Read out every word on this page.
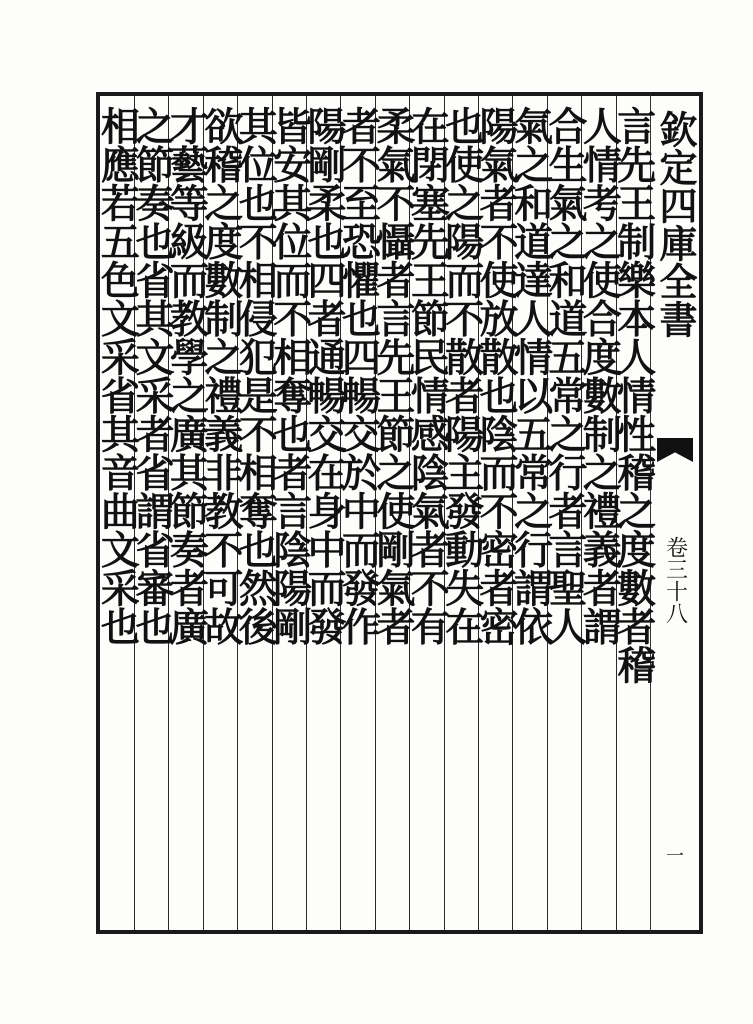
言先王制樂本人情性稽之度數者稽
人情考之使合度數制之禮義者謂
合生氣之和道五常之行者言聖人
氣之和道達人情以五常之行謂依
陽氣者不使放散也陰而不密者密
也使之陽而不散者陽主發動失在
在閉塞先王節民情感陰氣者不有
柔氣不懾者言先王節之使剛氣者
者不至恐懼也四暢交於中而發作
陽剛柔也四者通暢交在身中而發
皆安其位而不相奪也者言陰陽剛
其位也不相侵犯是不相奪也然後
欲稽之度數制之禮義非教不可故
才藝等級而教學之廣其節奏者廣
之節奏也省其文采者省謂省審也
相應若五色文采省其音曲文采也	欽定四庫全書
卷三十八
一
